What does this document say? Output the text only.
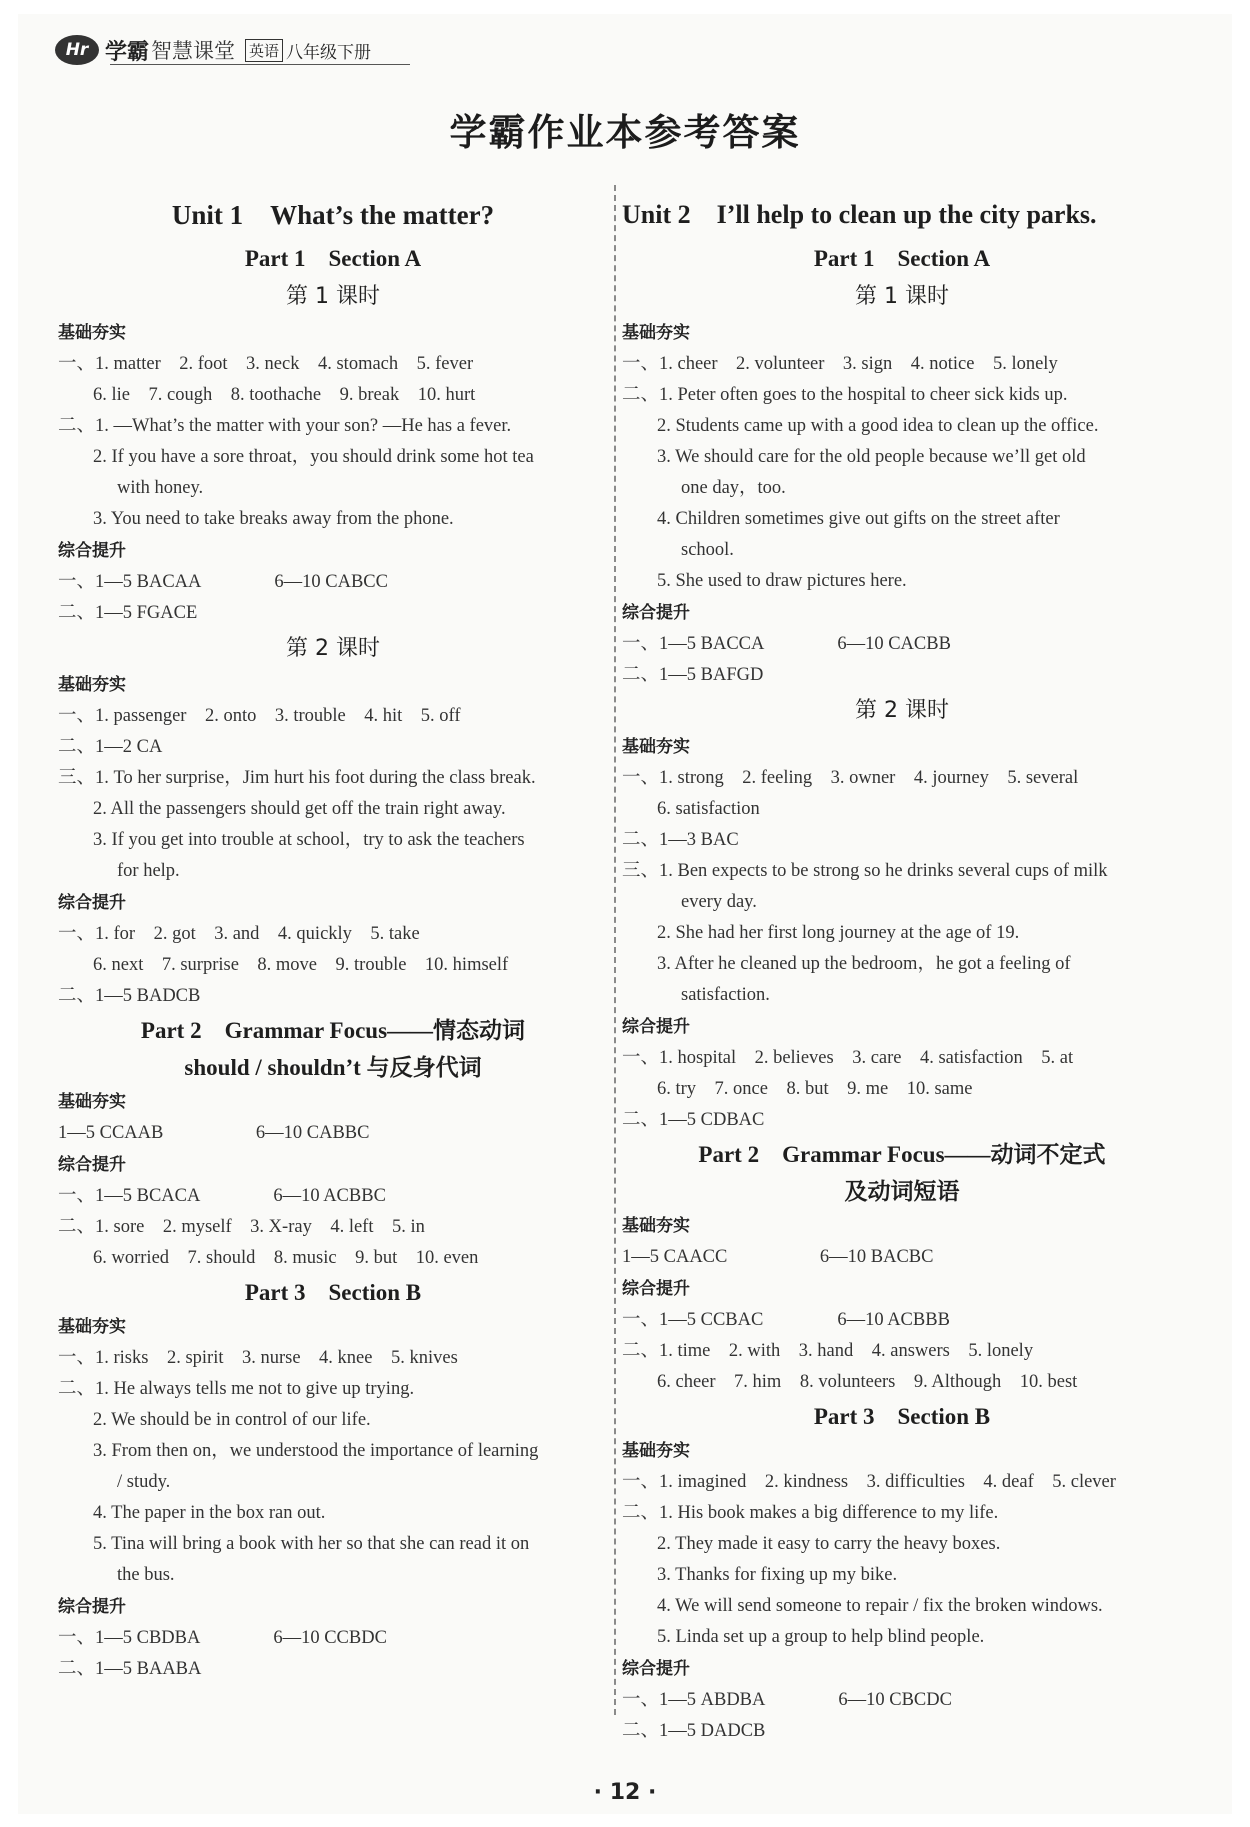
Hr 学霸 智慧课堂 英语 八年级下册
学霸作业本参考答案
Unit 1　What’s the matter?
Part 1　Section A
第 1 课时
基础夯实
一、1. matter　2. foot　3. neck　4. stomach　5. fever
6. lie　7. cough　8. toothache　9. break　10. hurt
二、1. —What’s the matter with your son? —He has a fever.
2. If you have a sore throat，you should drink some hot tea
with honey.
3. You need to take breaks away from the phone.
综合提升
一、1—5 BACAA　　　　6—10 CABCC
二、1—5 FGACE
第 2 课时
基础夯实
一、1. passenger　2. onto　3. trouble　4. hit　5. off
二、1—2 CA
三、1. To her surprise，Jim hurt his foot during the class break.
2. All the passengers should get off the train right away.
3. If you get into trouble at school，try to ask the teachers
for help.
综合提升
一、1. for　2. got　3. and　4. quickly　5. take
6. next　7. surprise　8. move　9. trouble　10. himself
二、1—5 BADCB
Part 2　Grammar Focus——情态动词
should / shouldn’t 与反身代词
基础夯实
1—5 CCAAB　　　　　6—10 CABBC
综合提升
一、1—5 BCACA　　　　6—10 ACBBC
二、1. sore　2. myself　3. X-ray　4. left　5. in
6. worried　7. should　8. music　9. but　10. even
Part 3　Section B
基础夯实
一、1. risks　2. spirit　3. nurse　4. knee　5. knives
二、1. He always tells me not to give up trying.
2. We should be in control of our life.
3. From then on，we understood the importance of learning
/ study.
4. The paper in the box ran out.
5. Tina will bring a book with her so that she can read it on
the bus.
综合提升
一、1—5 CBDBA　　　　6—10 CCBDC
二、1—5 BAABA
Unit 2　I’ll help to clean up the city parks.
Part 1　Section A
第 1 课时
基础夯实
一、1. cheer　2. volunteer　3. sign　4. notice　5. lonely
二、1. Peter often goes to the hospital to cheer sick kids up.
2. Students came up with a good idea to clean up the office.
3. We should care for the old people because we’ll get old
one day，too.
4. Children sometimes give out gifts on the street after
school.
5. She used to draw pictures here.
综合提升
一、1—5 BACCA　　　　6—10 CACBB
二、1—5 BAFGD
第 2 课时
基础夯实
一、1. strong　2. feeling　3. owner　4. journey　5. several
6. satisfaction
二、1—3 BAC
三、1. Ben expects to be strong so he drinks several cups of milk
every day.
2. She had her first long journey at the age of 19.
3. After he cleaned up the bedroom，he got a feeling of
satisfaction.
综合提升
一、1. hospital　2. believes　3. care　4. satisfaction　5. at
6. try　7. once　8. but　9. me　10. same
二、1—5 CDBAC
Part 2　Grammar Focus——动词不定式
及动词短语
基础夯实
1—5 CAACC　　　　　6—10 BACBC
综合提升
一、1—5 CCBAC　　　　6—10 ACBBB
二、1. time　2. with　3. hand　4. answers　5. lonely
6. cheer　7. him　8. volunteers　9. Although　10. best
Part 3　Section B
基础夯实
一、1. imagined　2. kindness　3. difficulties　4. deaf　5. clever
二、1. His book makes a big difference to my life.
2. They made it easy to carry the heavy boxes.
3. Thanks for fixing up my bike.
4. We will send someone to repair / fix the broken windows.
5. Linda set up a group to help blind people.
综合提升
一、1—5 ABDBA　　　　6—10 CBCDC
二、1—5 DADCB
· 12 ·
